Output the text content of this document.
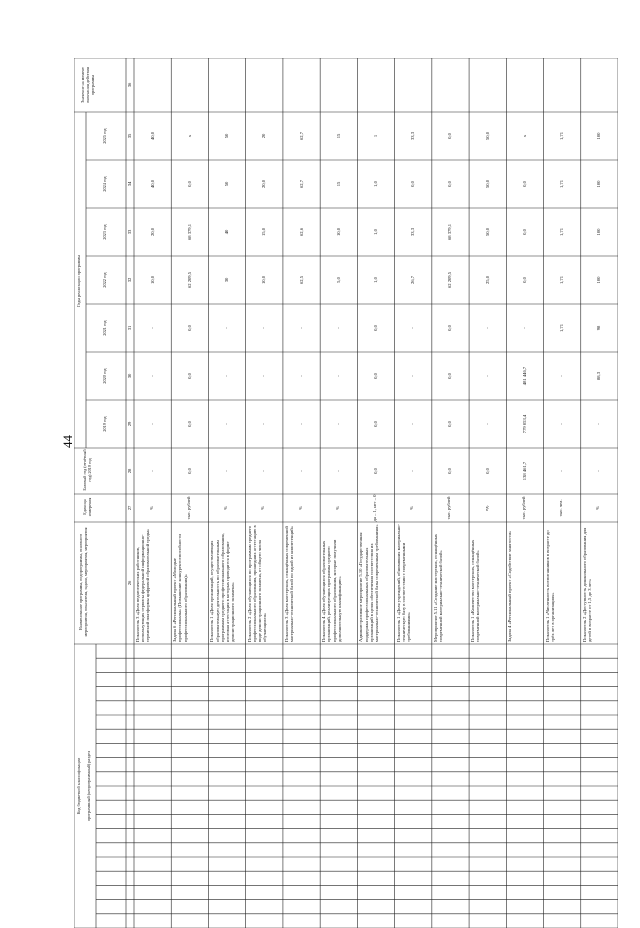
44
Код бюджетной классификации	программный (непрограммный) раздел
Наименование программы, подпрограммы, основного мероприятия, показателя, задачи, мероприятия, мероприятия
Единица измерения
Базовый год (отчётный год) 2019 год
Годы реализации программы
Значение на момент окончания действия программы
2019 год
2020 год
2021 год
2022 год
2023 год
2024 год
2025 год
26
27
28
29
30
31
32
33
34
35
36
Показатель 3 «Доля педагогических работников, использующих сервисы федеральной информационно-сервисной платформы цифровой образовательной среды»
%
-
-
-
-
10,0
20,0
40,0
40,0
Задача 6 «Региональный проект «Молодые профессионалы» (Повышение конкурентоспособности профессионального образования)»
тыс. рублей
0,0
0,0
0,0
0,0
62 209,5
68 379,1
0,0
х
Показатель 1 «Доля организаций, осуществляющих образовательную деятельность по образовательным программам среднего профессионального образования, итоговая аттестация в которых проводится в форме демонстрационного экзамена»
%
-
-
-
-
30
40
50
50
Показатель 2 «Доля обучающихся по программам среднего профессионального образования, прошедших аттестацию в виде демонстрационного экзамена, от общего числа обучающихся»
%
-
-
-
-
10,0
15,0
20,0
20
Показатель 3 «Доля мастерских, оснащённых современной материально-технической базой по одной из компетенций»
%
-
-
-
-
62,5
62,6
62,7
62,7
Показатель 4 «Доля обучающихся образовательных организаций, реализующих программы среднего профессионального образования, которые получили дополнительную квалификацию»
%
-
-
-
-
5,0
10,0
15
15
Административное мероприятие 5.10 «Государственная поддержка профессиональных образовательных организаций в целях обеспечения соответствия их материально-технической базы современным требованиям»
да – 1, нет – 0
0,0
0,0
0,0
0,0
1,0
1,0
1,0
1
Показатель 1 «Доля учреждений, обновивших материально-техническую базу в соответствии с современными требованиями»
%
-
-
-
-
26,7
33,3
0,0
33,3
Мероприятие 5.11 «Создание мастерских, оснащённых современной материально-технической базой»
тыс. рублей
0,0
0,0
0,0
0,0
62 209,5
68 379,1
0,0
0,0
Показатель 1 «Количество мастерских, оснащённых современной материально-технической базой»
ед.
0,0
-
-
-
25,0
50,0
50,0
50,0
Задача 4 «Региональный проект «Содействие занятости»
тыс. рублей
138 461,7
779 053,4
481 446,7
-
0,0
0,0
0,0
х
Показатель 1 «Численность воспитанников в возрасте до трёх лет в организациях»
тыс. чел.
-
-
-
1,71
1,71
1,71
1,71
1,71
Показатель 2 «Доступность дошкольного образования для детей в возрасте от 1,5 до 3 лет»
%
-
-
88,3
98
100
100
100
100
